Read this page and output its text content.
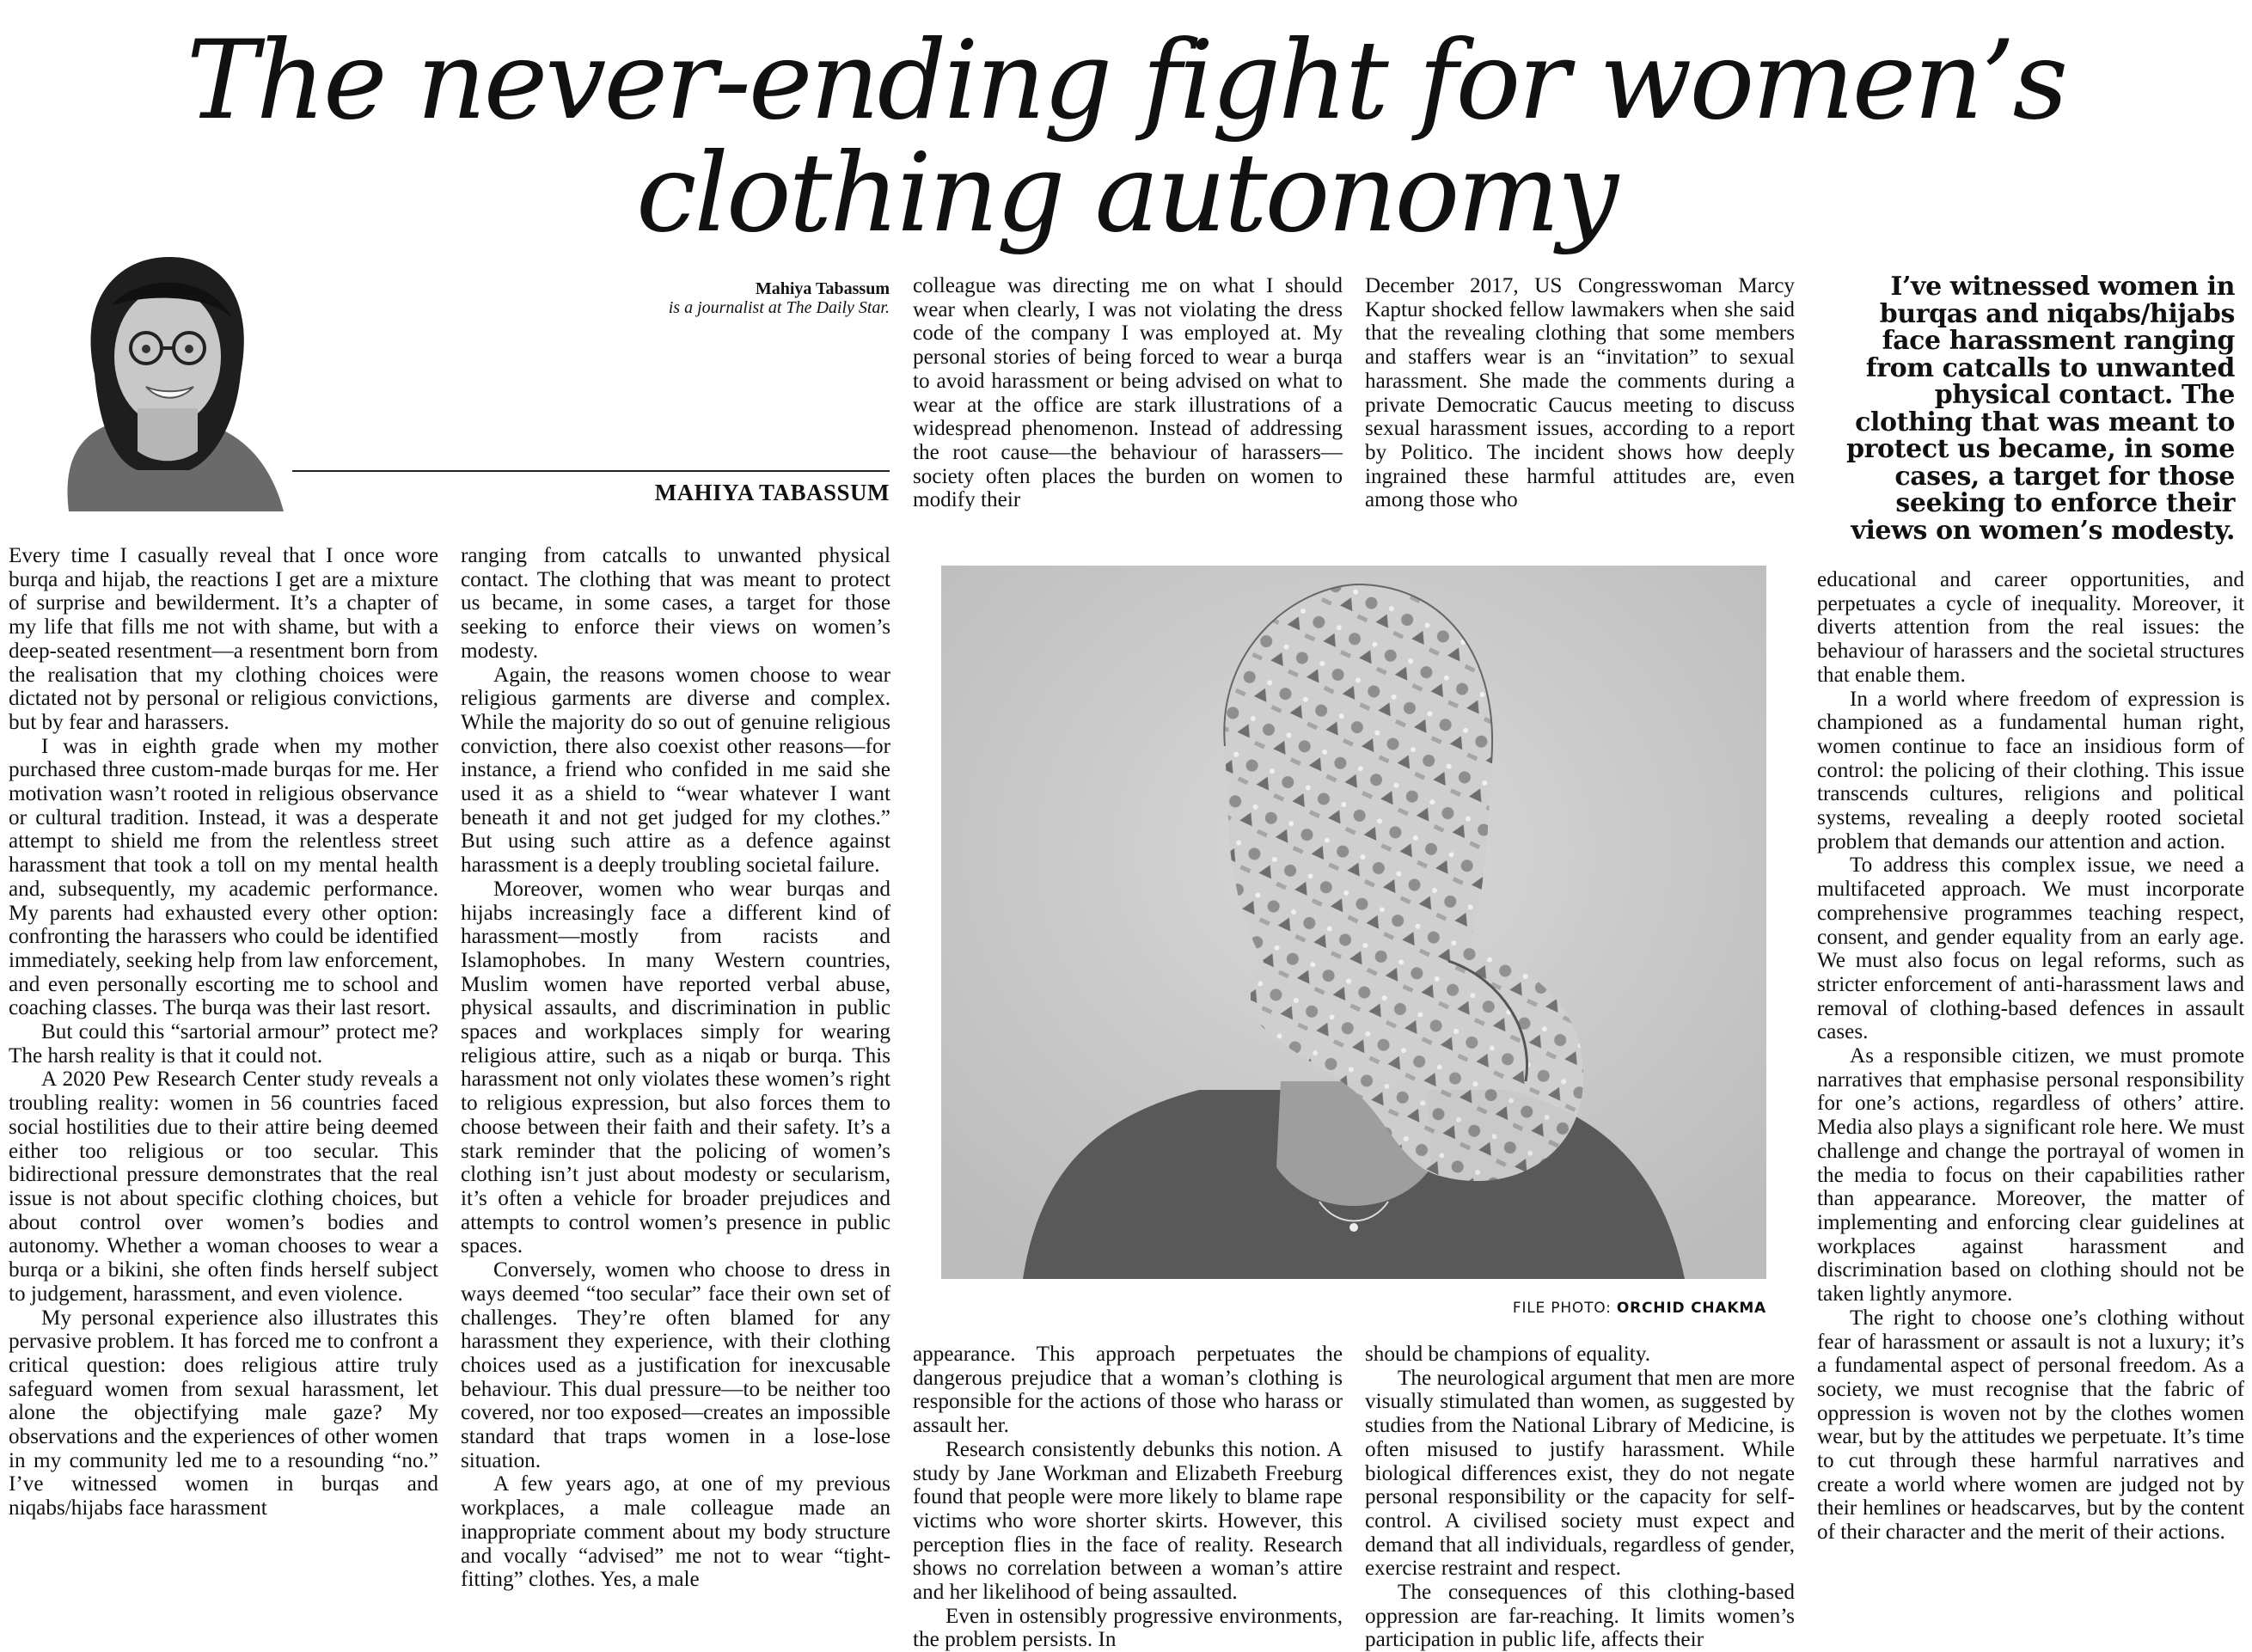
The never-ending fight for women’s
clothing autonomy
Mahiya Tabassum
is a journalist at The Daily Star.
MAHIYA TABASSUM

colleague was directing me on what I should wear when clearly, I was not violating the dress code of the company I was employed at. My personal stories of being forced to wear a burqa to avoid harassment or being advised on what to wear at the office are stark illustrations of a widespread phenomenon. Instead of addressing the root cause—the behaviour of harassers—society often places the burden on women to modify their

December 2017, US Congresswoman Marcy Kaptur shocked fellow lawmakers when she said that the revealing clothing that some members and staffers wear is an “invitation” to sexual harassment. She made the comments during a private Democratic Caucus meeting to discuss sexual harassment issues, according to a report by Politico. The incident shows how deeply ingrained these harmful attitudes are, even among those who

I’ve witnessed women in burqas and niqabs/hijabs face harassment ranging from catcalls to unwanted physical contact. The clothing that was meant to protect us became, in some cases, a target for those seeking to enforce their views on women’s modesty.

Every time I casually reveal that I once wore burqa and hijab, the reactions I get are a mixture of surprise and bewilderment. It’s a chapter of my life that fills me not with shame, but with a deep-seated resentment—a resentment born from the realisation that my clothing choices were dictated not by personal or religious convictions, but by fear and harassers.

I was in eighth grade when my mother purchased three custom-made burqas for me. Her motivation wasn’t rooted in religious observance or cultural tradition. Instead, it was a desperate attempt to shield me from the relentless street harassment that took a toll on my mental health and, subsequently, my academic performance. My parents had exhausted every other option: confronting the harassers who could be identified immediately, seeking help from law enforcement, and even personally escorting me to school and coaching classes. The burqa was their last resort.

But could this “sartorial armour” protect me? The harsh reality is that it could not.

A 2020 Pew Research Center study reveals a troubling reality: women in 56 countries faced social hostilities due to their attire being deemed either too religious or too secular. This bidirectional pressure demonstrates that the real issue is not about specific clothing choices, but about control over women’s bodies and autonomy. Whether a woman chooses to wear a burqa or a bikini, she often finds herself subject to judgement, harassment, and even violence.

My personal experience also illustrates this pervasive problem. It has forced me to confront a critical question: does religious attire truly safeguard women from sexual harassment, let alone the objectifying male gaze? My observations and the experiences of other women in my community led me to a resounding “no.” I’ve witnessed women in burqas and niqabs/hijabs face harassment

ranging from catcalls to unwanted physical contact. The clothing that was meant to protect us became, in some cases, a target for those seeking to enforce their views on women’s modesty.

Again, the reasons women choose to wear religious garments are diverse and complex. While the majority do so out of genuine religious conviction, there also coexist other reasons—for instance, a friend who confided in me said she used it as a shield to “wear whatever I want beneath it and not get judged for my clothes.” But using such attire as a defence against harassment is a deeply troubling societal failure.

Moreover, women who wear burqas and hijabs increasingly face a different kind of harassment—mostly from racists and Islamophobes. In many Western countries, Muslim women have reported verbal abuse, physical assaults, and discrimination in public spaces and workplaces simply for wearing religious attire, such as a niqab or burqa. This harassment not only violates these women’s right to religious expression, but also forces them to choose between their faith and their safety. It’s a stark reminder that the policing of women’s clothing isn’t just about modesty or secularism, it’s often a vehicle for broader prejudices and attempts to control women’s presence in public spaces.

Conversely, women who choose to dress in ways deemed “too secular” face their own set of challenges. They’re often blamed for any harassment they experience, with their clothing choices used as a justification for inexcusable behaviour. This dual pressure—to be neither too covered, nor too exposed—creates an impossible standard that traps women in a lose-lose situation.

A few years ago, at one of my previous workplaces, a male colleague made an inappropriate comment about my body structure and vocally “advised” me not to wear “tight-fitting” clothes. Yes, a male

FILE PHOTO: ORCHID CHAKMA

appearance. This approach perpetuates the dangerous prejudice that a woman’s clothing is responsible for the actions of those who harass or assault her.

Research consistently debunks this notion. A study by Jane Workman and Elizabeth Freeburg found that people were more likely to blame rape victims who wore shorter skirts. However, this perception flies in the face of reality. Research shows no correlation between a woman’s attire and her likelihood of being assaulted.

Even in ostensibly progressive environments, the problem persists. In

should be champions of equality.

The neurological argument that men are more visually stimulated than women, as suggested by studies from the National Library of Medicine, is often misused to justify harassment. While biological differences exist, they do not negate personal responsibility or the capacity for self-control. A civilised society must expect and demand that all individuals, regardless of gender, exercise restraint and respect.

The consequences of this clothing-based oppression are far-reaching. It limits women’s participation in public life, affects their

educational and career opportunities, and perpetuates a cycle of inequality. Moreover, it diverts attention from the real issues: the behaviour of harassers and the societal structures that enable them.

In a world where freedom of expression is championed as a fundamental human right, women continue to face an insidious form of control: the policing of their clothing. This issue transcends cultures, religions and political systems, revealing a deeply rooted societal problem that demands our attention and action.

To address this complex issue, we need a multifaceted approach. We must incorporate comprehensive programmes teaching respect, consent, and gender equality from an early age. We must also focus on legal reforms, such as stricter enforcement of anti-harassment laws and removal of clothing-based defences in assault cases.

As a responsible citizen, we must promote narratives that emphasise personal responsibility for one’s actions, regardless of others’ attire. Media also plays a significant role here. We must challenge and change the portrayal of women in the media to focus on their capabilities rather than appearance. Moreover, the matter of implementing and enforcing clear guidelines at workplaces against harassment and discrimination based on clothing should not be taken lightly anymore.

The right to choose one’s clothing without fear of harassment or assault is not a luxury; it’s a fundamental aspect of personal freedom. As a society, we must recognise that the fabric of oppression is woven not by the clothes women wear, but by the attitudes we perpetuate. It’s time to cut through these harmful narratives and create a world where women are judged not by their hemlines or headscarves, but by the content of their character and the merit of their actions.
